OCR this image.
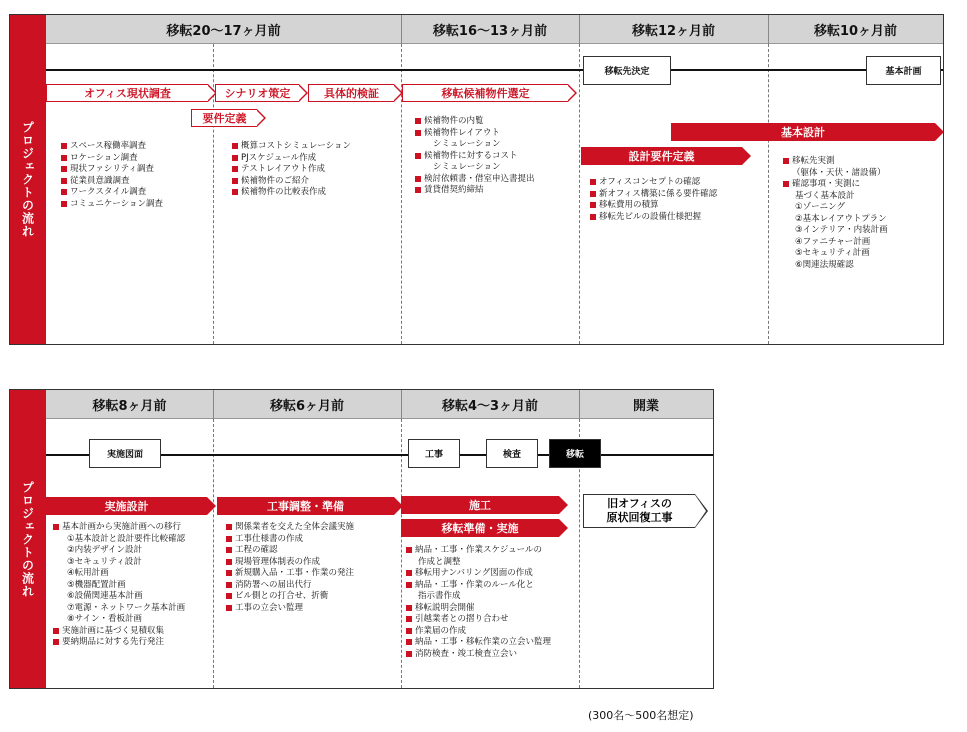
プロジェクトの流れ
移転20〜17ヶ月前	移転16〜13ヶ月前	移転12ヶ月前	移転10ヶ月前
移転先決定	基本計画
オフィス現状調査	シナリオ策定	具体的検証	移転候補物件選定
要件定義
基本設計
設計要件定義
スペース稼働率調査
ロケーション調査
現状ファシリティ調査
従業員意識調査
ワークスタイル調査
コミュニケーション調査
概算コストシミュレーション
PJスケジュール作成
テストレイアウト作成
候補物件のご紹介
候補物件の比較表作成
候補物件の内覧
候補物件レイアウト
シミュレーション
候補物件に対するコスト
シミュレーション
検討依頼書・借室申込書提出
賃貸借契約締結
オフィスコンセプトの確認
新オフィス構築に係る要件確認
移転費用の積算
移転先ビルの設備仕様把握
移転先実測
（躯体・天伏・諸設備）
確認事項・実測に
基づく基本設計
①ゾーニング
②基本レイアウトプラン
③インテリア・内装計画
④ファニチャー計画
⑤セキュリティ計画
⑥関連法規確認
プロジェクトの流れ
移転8ヶ月前	移転6ヶ月前	移転4〜3ヶ月前	開業
実施図面	工事	検査	移転
実施設計	工事調整・準備	施工
移転準備・実施
旧オフィスの
原状回復工事
基本計画から実施計画への移行
①基本設計と設計要件比較確認
②内装デザイン設計
③セキュリティ設計
④転用計画
⑤機器配置計画
⑥設備関連基本計画
⑦電源・ネットワーク基本計画
⑧サイン・看板計画
実施計画に基づく見積収集
要納期品に対する先行発注
関係業者を交えた全体会議実施
工事仕様書の作成
工程の確認
現場管理体制表の作成
新規購入品・工事・作業の発注
消防署への届出代行
ビル側との打合せ、折衝
工事の立会い監理
納品・工事・作業スケジュールの
作成と調整
移転用ナンバリング図面の作成
納品・工事・作業のルール化と
指示書作成
移転説明会開催
引越業者との摺り合わせ
作業届の作成
納品・工事・移転作業の立会い監理
消防検査・竣工検査立会い
(300名〜500名想定)
